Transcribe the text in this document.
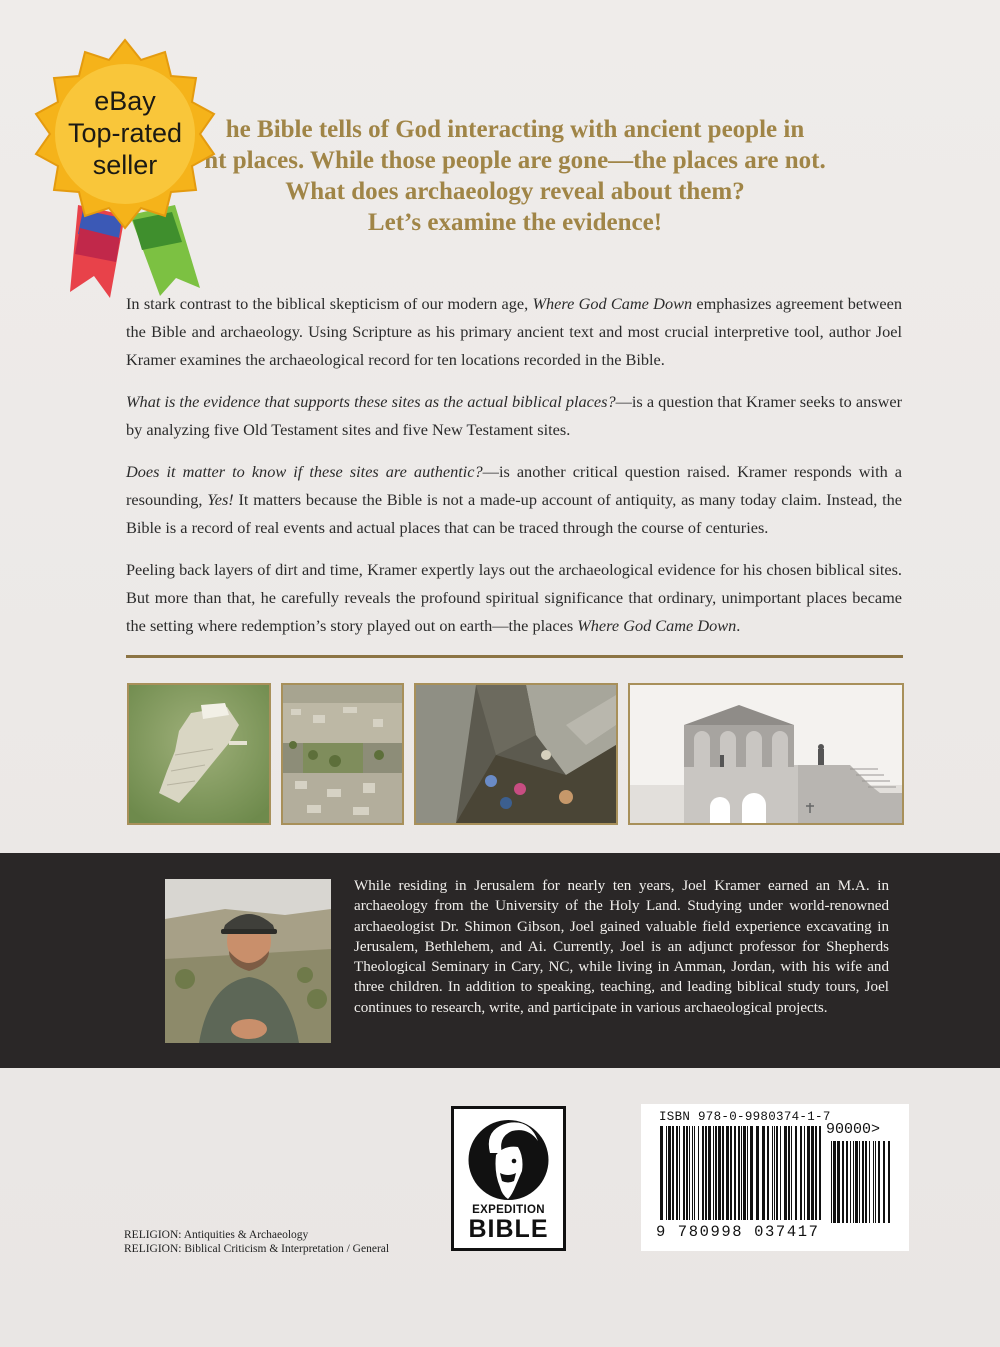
he Bible tells of God interacting with ancient people in
nt places. While those people are gone—the places are not.
What does archaeology reveal about them?
Let’s examine the evidence!
eBay
Top-rated
seller

In stark contrast to the biblical skepticism of our modern age, Where God Came Down emphasizes agreement between the Bible and archaeology. Using Scripture as his primary ancient text and most crucial interpretive tool, author Joel Kramer examines the archaeological record for ten locations recorded in the Bible.

What is the evidence that supports these sites as the actual biblical places?—is a question that Kramer seeks to answer by analyzing five Old Testament sites and five New Testament sites.

Does it matter to know if these sites are authentic?—is another critical question raised. Kramer responds with a resounding, Yes! It matters because the Bible is not a made-up account of antiquity, as many today claim. Instead, the Bible is a record of real events and actual places that can be traced through the course of centuries.

Peeling back layers of dirt and time, Kramer expertly lays out the archaeological evidence for his chosen biblical sites. But more than that, he carefully reveals the profound spiritual significance that ordinary, unimportant places became the setting where redemption’s story played out on earth—the places Where God Came Down.

While residing in Jerusalem for nearly ten years, Joel Kramer earned an M.A. in archaeology from the University of the Holy Land. Studying under world-renowned archaeologist Dr. Shimon Gibson, Joel gained valuable field experience excavating in Jerusalem, Bethlehem, and Ai. Currently, Joel is an adjunct professor for Shepherds Theological Seminary in Cary, NC, while living in Amman, Jordan, with his wife and three children. In addition to speaking, teaching, and leading biblical study tours, Joel continues to research, write, and participate in various archaeological projects.
EXPEDITION
BIBLE
ISBN 978-0-9980374-1-7
90000>
9 780998 037417
RELIGION: Antiquities & Archaeology
RELIGION: Biblical Criticism & Interpretation / General
